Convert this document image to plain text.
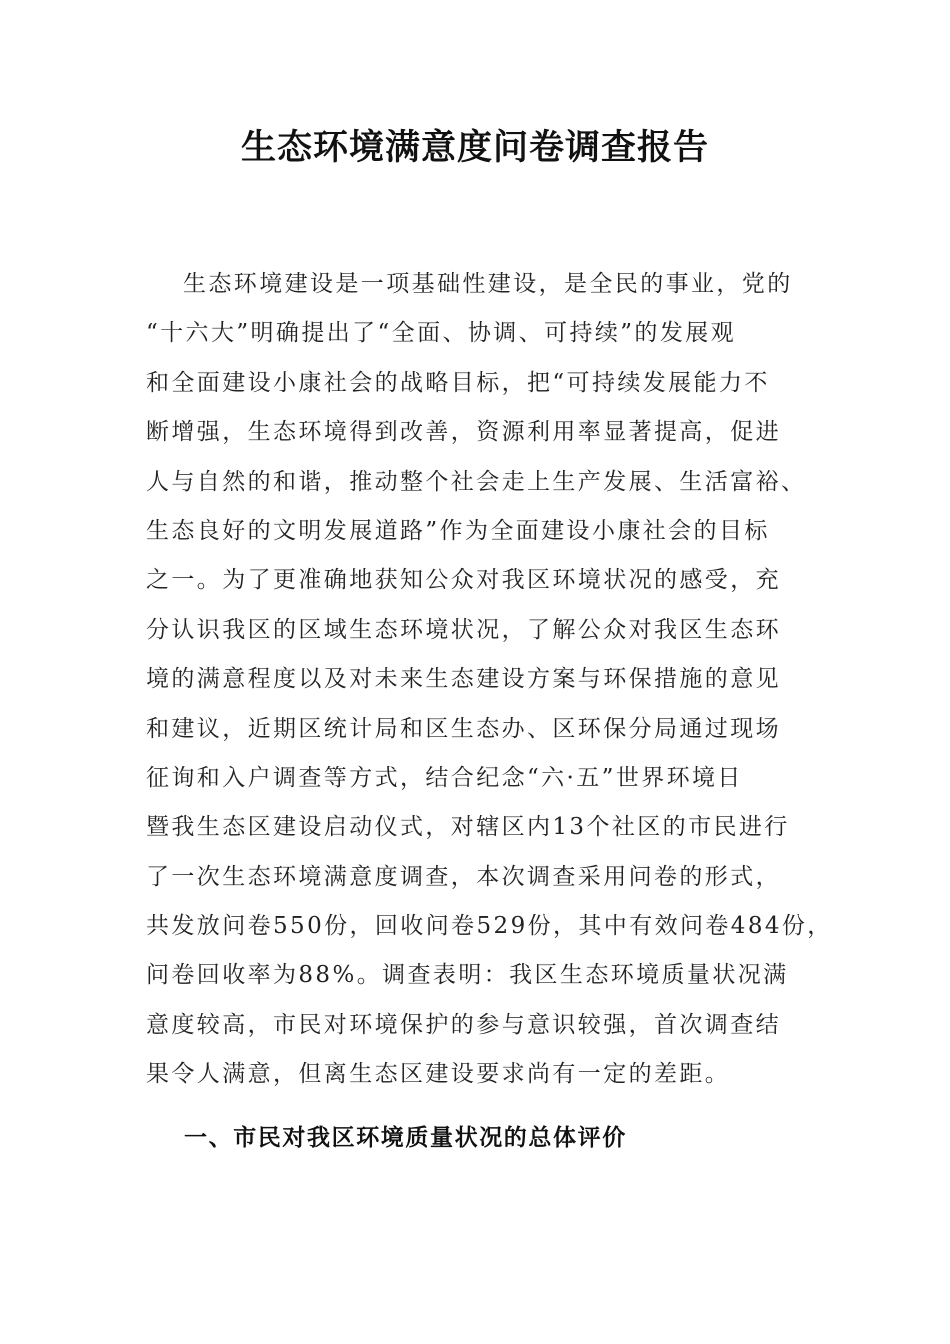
生态环境满意度问卷调查报告
生态环境建设是一项基础性建设，是全民的事业，党的
“十六大”明确提出了“全面、协调、可持续”的发展观
和全面建设小康社会的战略目标，把“可持续发展能力不
断增强，生态环境得到改善，资源利用率显著提高，促进
人与自然的和谐，推动整个社会走上生产发展、生活富裕、
生态良好的文明发展道路”作为全面建设小康社会的目标
之一。为了更准确地获知公众对我区环境状况的感受，充
分认识我区的区域生态环境状况，了解公众对我区生态环
境的满意程度以及对未来生态建设方案与环保措施的意见
和建议，近期区统计局和区生态办、区环保分局通过现场
征询和入户调查等方式，结合纪念“六·五”世界环境日
暨我生态区建设启动仪式，对辖区内13个社区的市民进行
了一次生态环境满意度调查，本次调查采用问卷的形式，
共发放问卷550份，回收问卷529份，其中有效问卷484份，
问卷回收率为88%。调查表明：我区生态环境质量状况满
意度较高，市民对环境保护的参与意识较强，首次调查结
果令人满意，但离生态区建设要求尚有一定的差距。
一、市民对我区环境质量状况的总体评价
